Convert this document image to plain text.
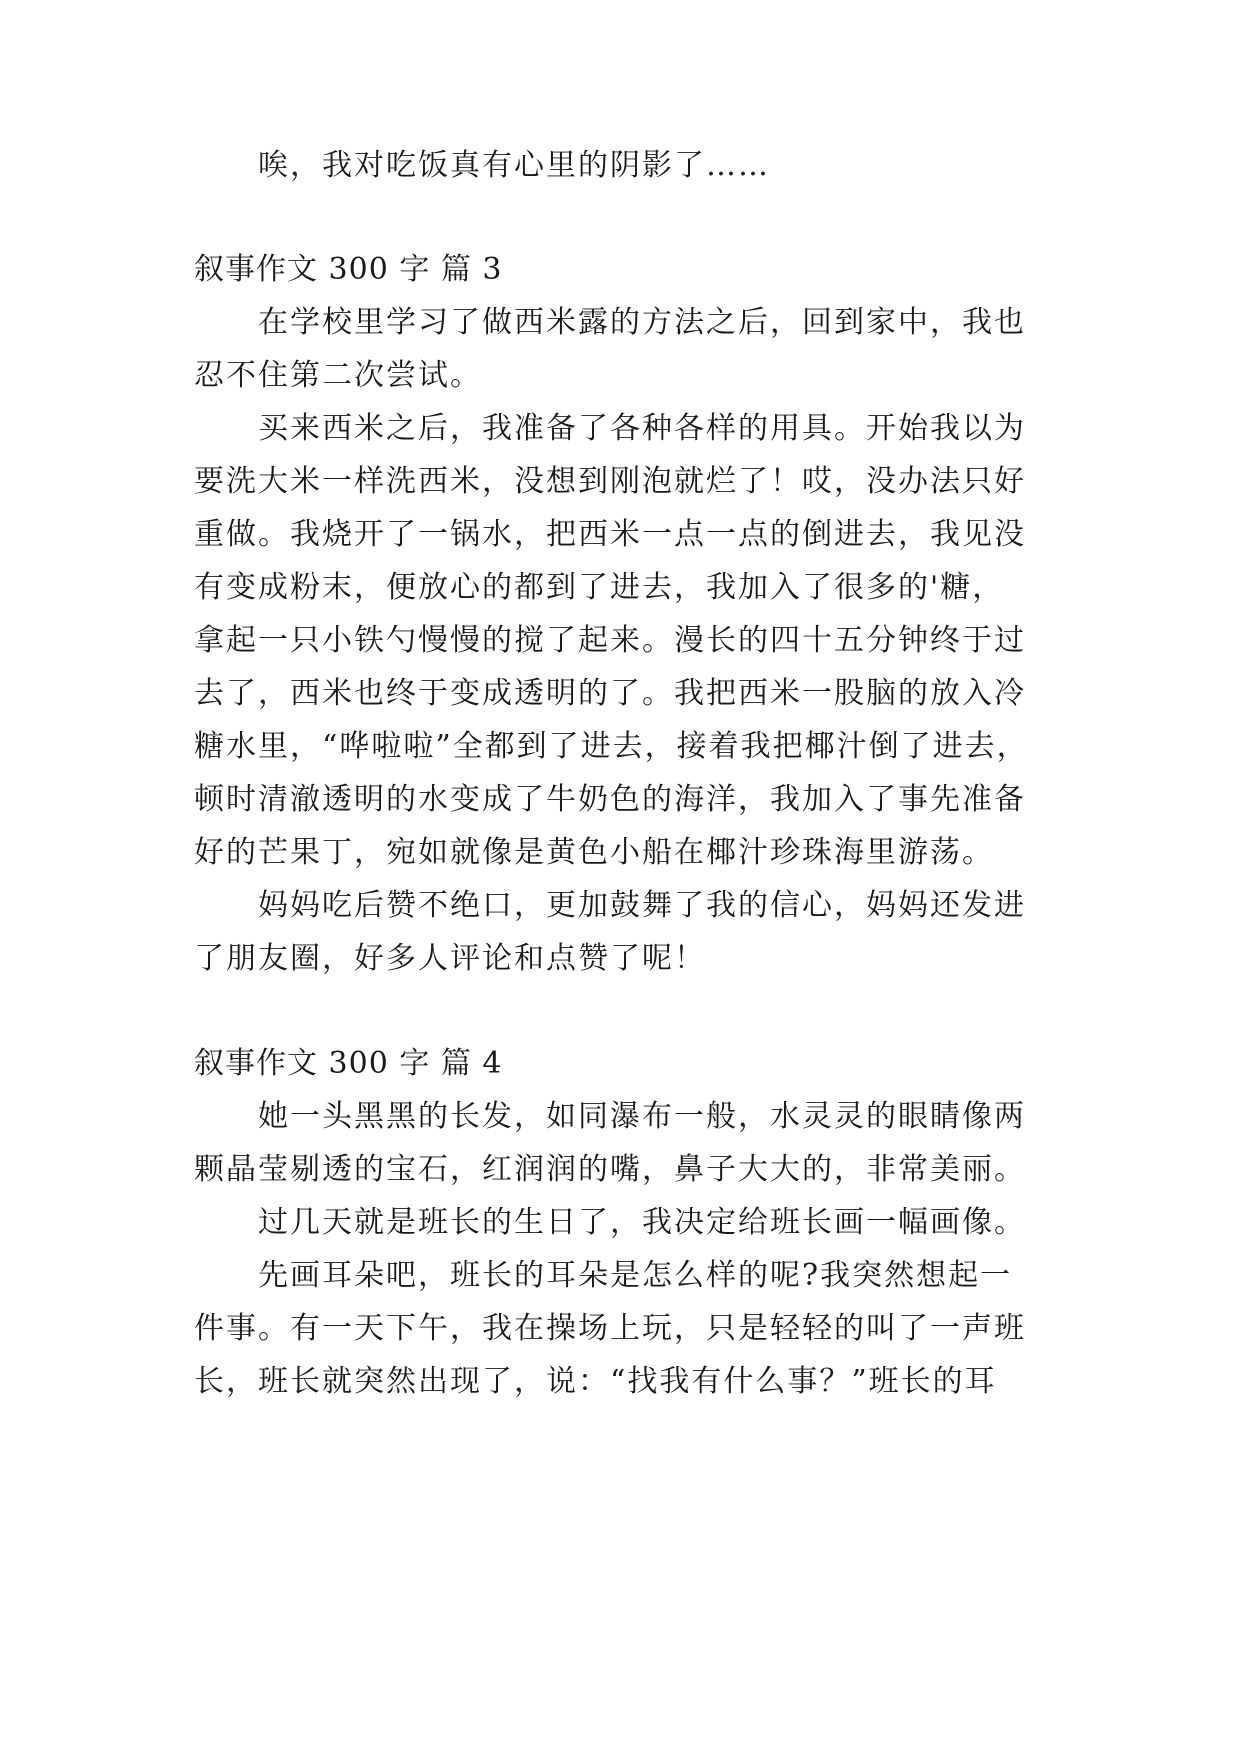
唉，我对吃饭真有心里的阴影了……
叙事作文 300 字 篇 3
在学校里学习了做西米露的方法之后，回到家中，我也
忍不住第二次尝试。
买来西米之后，我准备了各种各样的用具。开始我以为
要洗大米一样洗西米，没想到刚泡就烂了！哎，没办法只好
重做。我烧开了一锅水，把西米一点一点的倒进去，我见没
有变成粉末，便放心的都到了进去，我加入了很多的'糖，
拿起一只小铁勺慢慢的搅了起来。漫长的四十五分钟终于过
去了，西米也终于变成透明的了。我把西米一股脑的放入冷
糖水里，“哗啦啦”全都到了进去，接着我把椰汁倒了进去，
顿时清澈透明的水变成了牛奶色的海洋，我加入了事先准备
好的芒果丁，宛如就像是黄色小船在椰汁珍珠海里游荡。
妈妈吃后赞不绝口，更加鼓舞了我的信心，妈妈还发进
了朋友圈，好多人评论和点赞了呢！
叙事作文 300 字 篇 4
她一头黑黑的长发，如同瀑布一般，水灵灵的眼睛像两
颗晶莹剔透的宝石，红润润的嘴，鼻子大大的，非常美丽。
过几天就是班长的生日了，我决定给班长画一幅画像。
先画耳朵吧，班长的耳朵是怎么样的呢?我突然想起一
件事。有一天下午，我在操场上玩，只是轻轻的叫了一声班
长，班长就突然出现了，说：“找我有什么事？”班长的耳
